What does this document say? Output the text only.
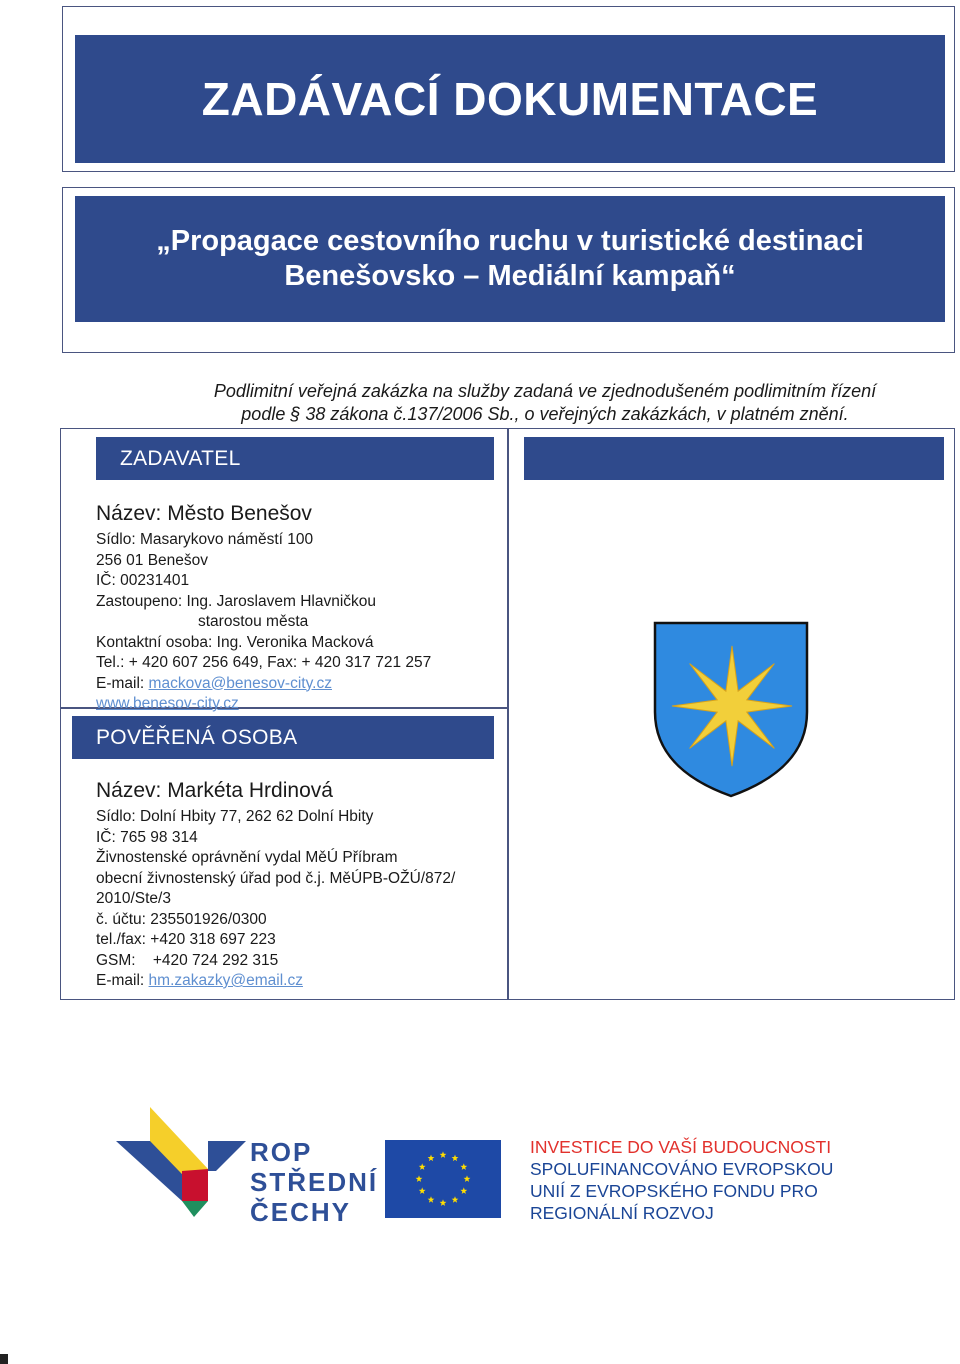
ZADÁVACÍ DOKUMENTACE
„Propagace cestovního ruchu v turistické destinaci
Benešovsko – Mediální kampaň“
Podlimitní veřejná zakázka na služby zadaná ve zjednodušeném podlimitním řízení
podle § 38 zákona č.137/2006 Sb., o veřejných zakázkách, v platném znění.
ZADAVATEL
Název: Město Benešov
Sídlo: Masarykovo náměstí 100
256 01 Benešov
IČ: 00231401
Zastoupeno: Ing. Jaroslavem Hlavničkou
starostou města
Kontaktní osoba: Ing. Veronika Macková
Tel.: + 420 607 256 649, Fax: + 420 317 721 257
E-mail: mackova@benesov-city.cz
www.benesov-city.cz
POVĚŘENÁ OSOBA
Název: Markéta Hrdinová
Sídlo: Dolní Hbity 77, 262 62 Dolní Hbity
IČ: 765 98 314
Živnostenské oprávnění vydal MěÚ Příbram
obecní živnostenský úřad pod č.j. MěÚPB-OŽÚ/872/
2010/Ste/3
č. účtu: 235501926/0300
tel./fax: +420 318 697 223
GSM:    +420 724 292 315
E-mail: hm.zakazky@email.cz
ROP
STŘEDNÍ
ČECHY
INVESTICE DO VAŠÍ BUDOUCNOSTI
SPOLUFINANCOVÁNO EVROPSKOU
UNIÍ Z EVROPSKÉHO FONDU PRO
REGIONÁLNÍ ROZVOJ
